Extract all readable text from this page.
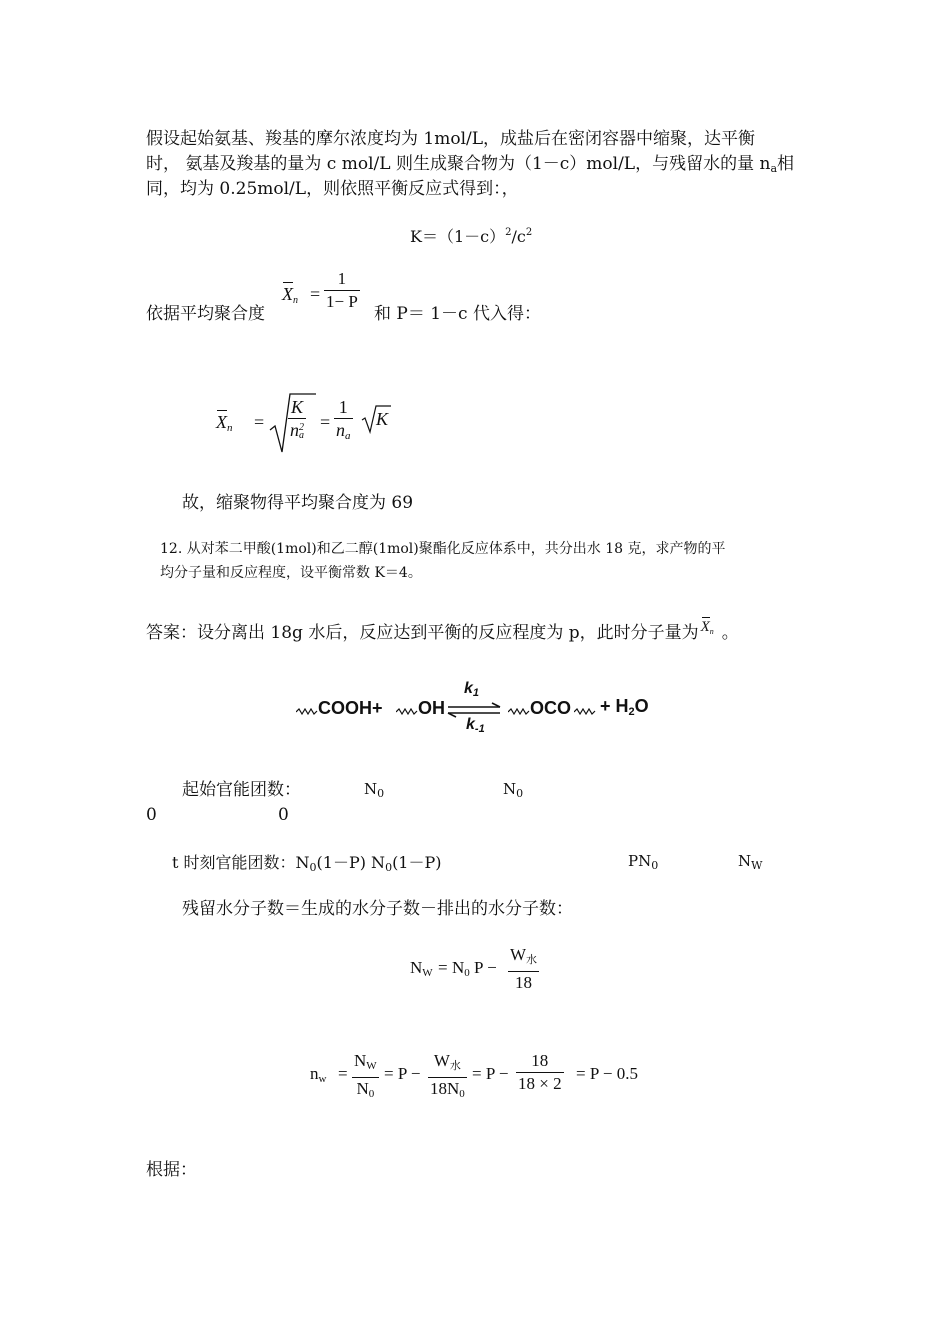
假设起始氨基、羧基的摩尔浓度均为 1mol/L，成盐后在密闭容器中缩聚，达平衡
时， 氨基及羧基的量为 c mol/L 则生成聚合物为（1－c）mol/L，与残留水的量 $n_a$相
同，均为 0.25mol/L，则依照平衡反应式得到：，
$K=(1-c)^2/c^2$
依据平均聚合度
$X_n = \frac{1}{1- P}$
和 P＝ 1－c 代入得：
$X_n = K$
n 2
$a = \frac{1}{n_a}$ K
故，缩聚物得平均聚合度为 69
12. 从对苯二甲酸(1mol)和乙二醇(1mol)聚酯化反应体系中，共分出水 18 克，求产物的平
均分子量和反应程度，设平衡常数 K＝4。
答案：设分离出 18g 水后，反应达到平衡的反应程度为 p，此时分子量为 $X_n$ 。
COOH+ OH
$k_1$
$k_{-1}$
OCO + $H_2O$
起始官能团数：	$N_0$	$N_0$
0	0
t 时刻官能团数：$N_0(1-P)$ $N_0(1-P)$	$PN_0$	$N_W$
残留水分子数＝生成的水分子数－排出的水分子数：
$N_W = N_0$ P −
$W_水$
18
$n_w = \frac{N_W}{N_0} = P$ −
$W_水$
$18N_0$
= $P - \frac{18}{18 \times 2} = P - 0.5$
根据：
